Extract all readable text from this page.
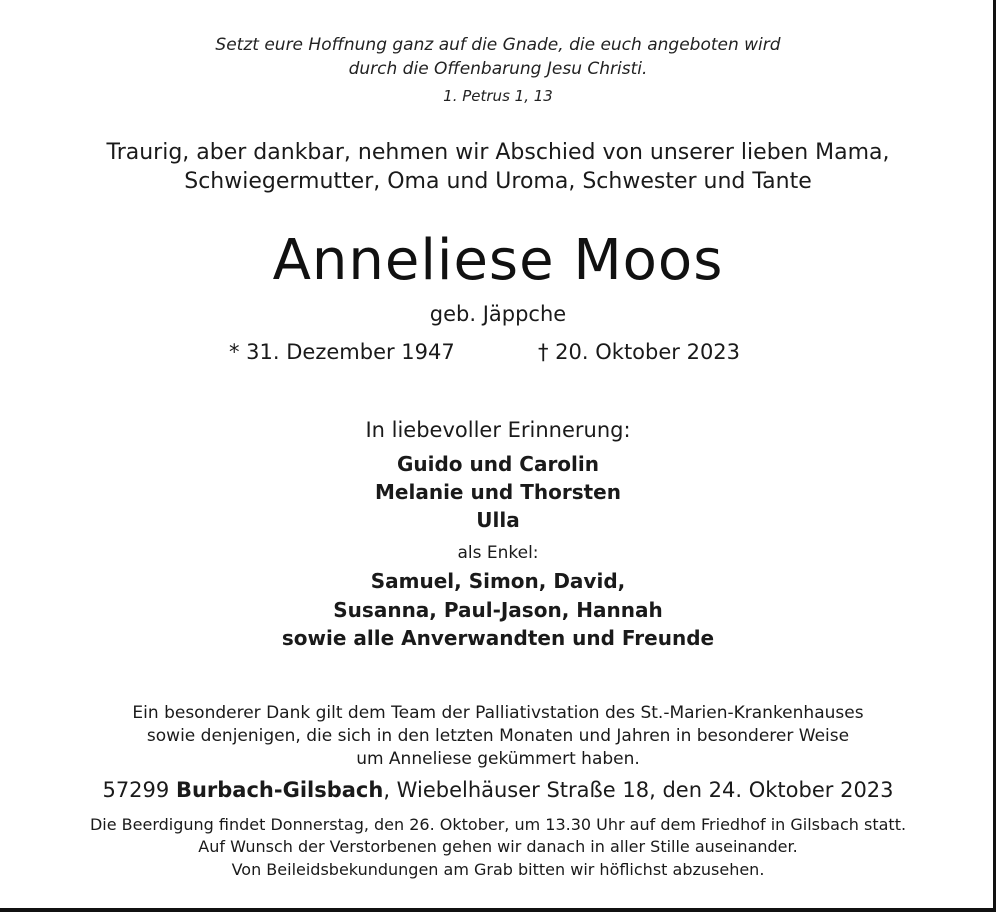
Setzt eure Hoffnung ganz auf die Gnade, die euch angeboten wird
durch die Offenbarung Jesu Christi.
1. Petrus 1, 13
Traurig, aber dankbar, nehmen wir Abschied von unserer lieben Mama,
Schwiegermutter, Oma und Uroma, Schwester und Tante
Anneliese Moos
geb. Jäppche
* 31. Dezember 1947	† 20. Oktober 2023
In liebevoller Erinnerung:
Guido und Carolin
Melanie und Thorsten
Ulla
als Enkel:
Samuel, Simon, David,
Susanna, Paul-Jason, Hannah
sowie alle Anverwandten und Freunde
Ein besonderer Dank gilt dem Team der Palliativstation des St.-Marien-Krankenhauses
sowie denjenigen, die sich in den letzten Monaten und Jahren in besonderer Weise
um Anneliese gekümmert haben.
57299 Burbach-Gilsbach, Wiebelhäuser Straße 18, den 24. Oktober 2023
Die Beerdigung findet Donnerstag, den 26. Oktober, um 13.30 Uhr auf dem Friedhof in Gilsbach statt.
Auf Wunsch der Verstorbenen gehen wir danach in aller Stille auseinander.
Von Beileidsbekundungen am Grab bitten wir höflichst abzusehen.
